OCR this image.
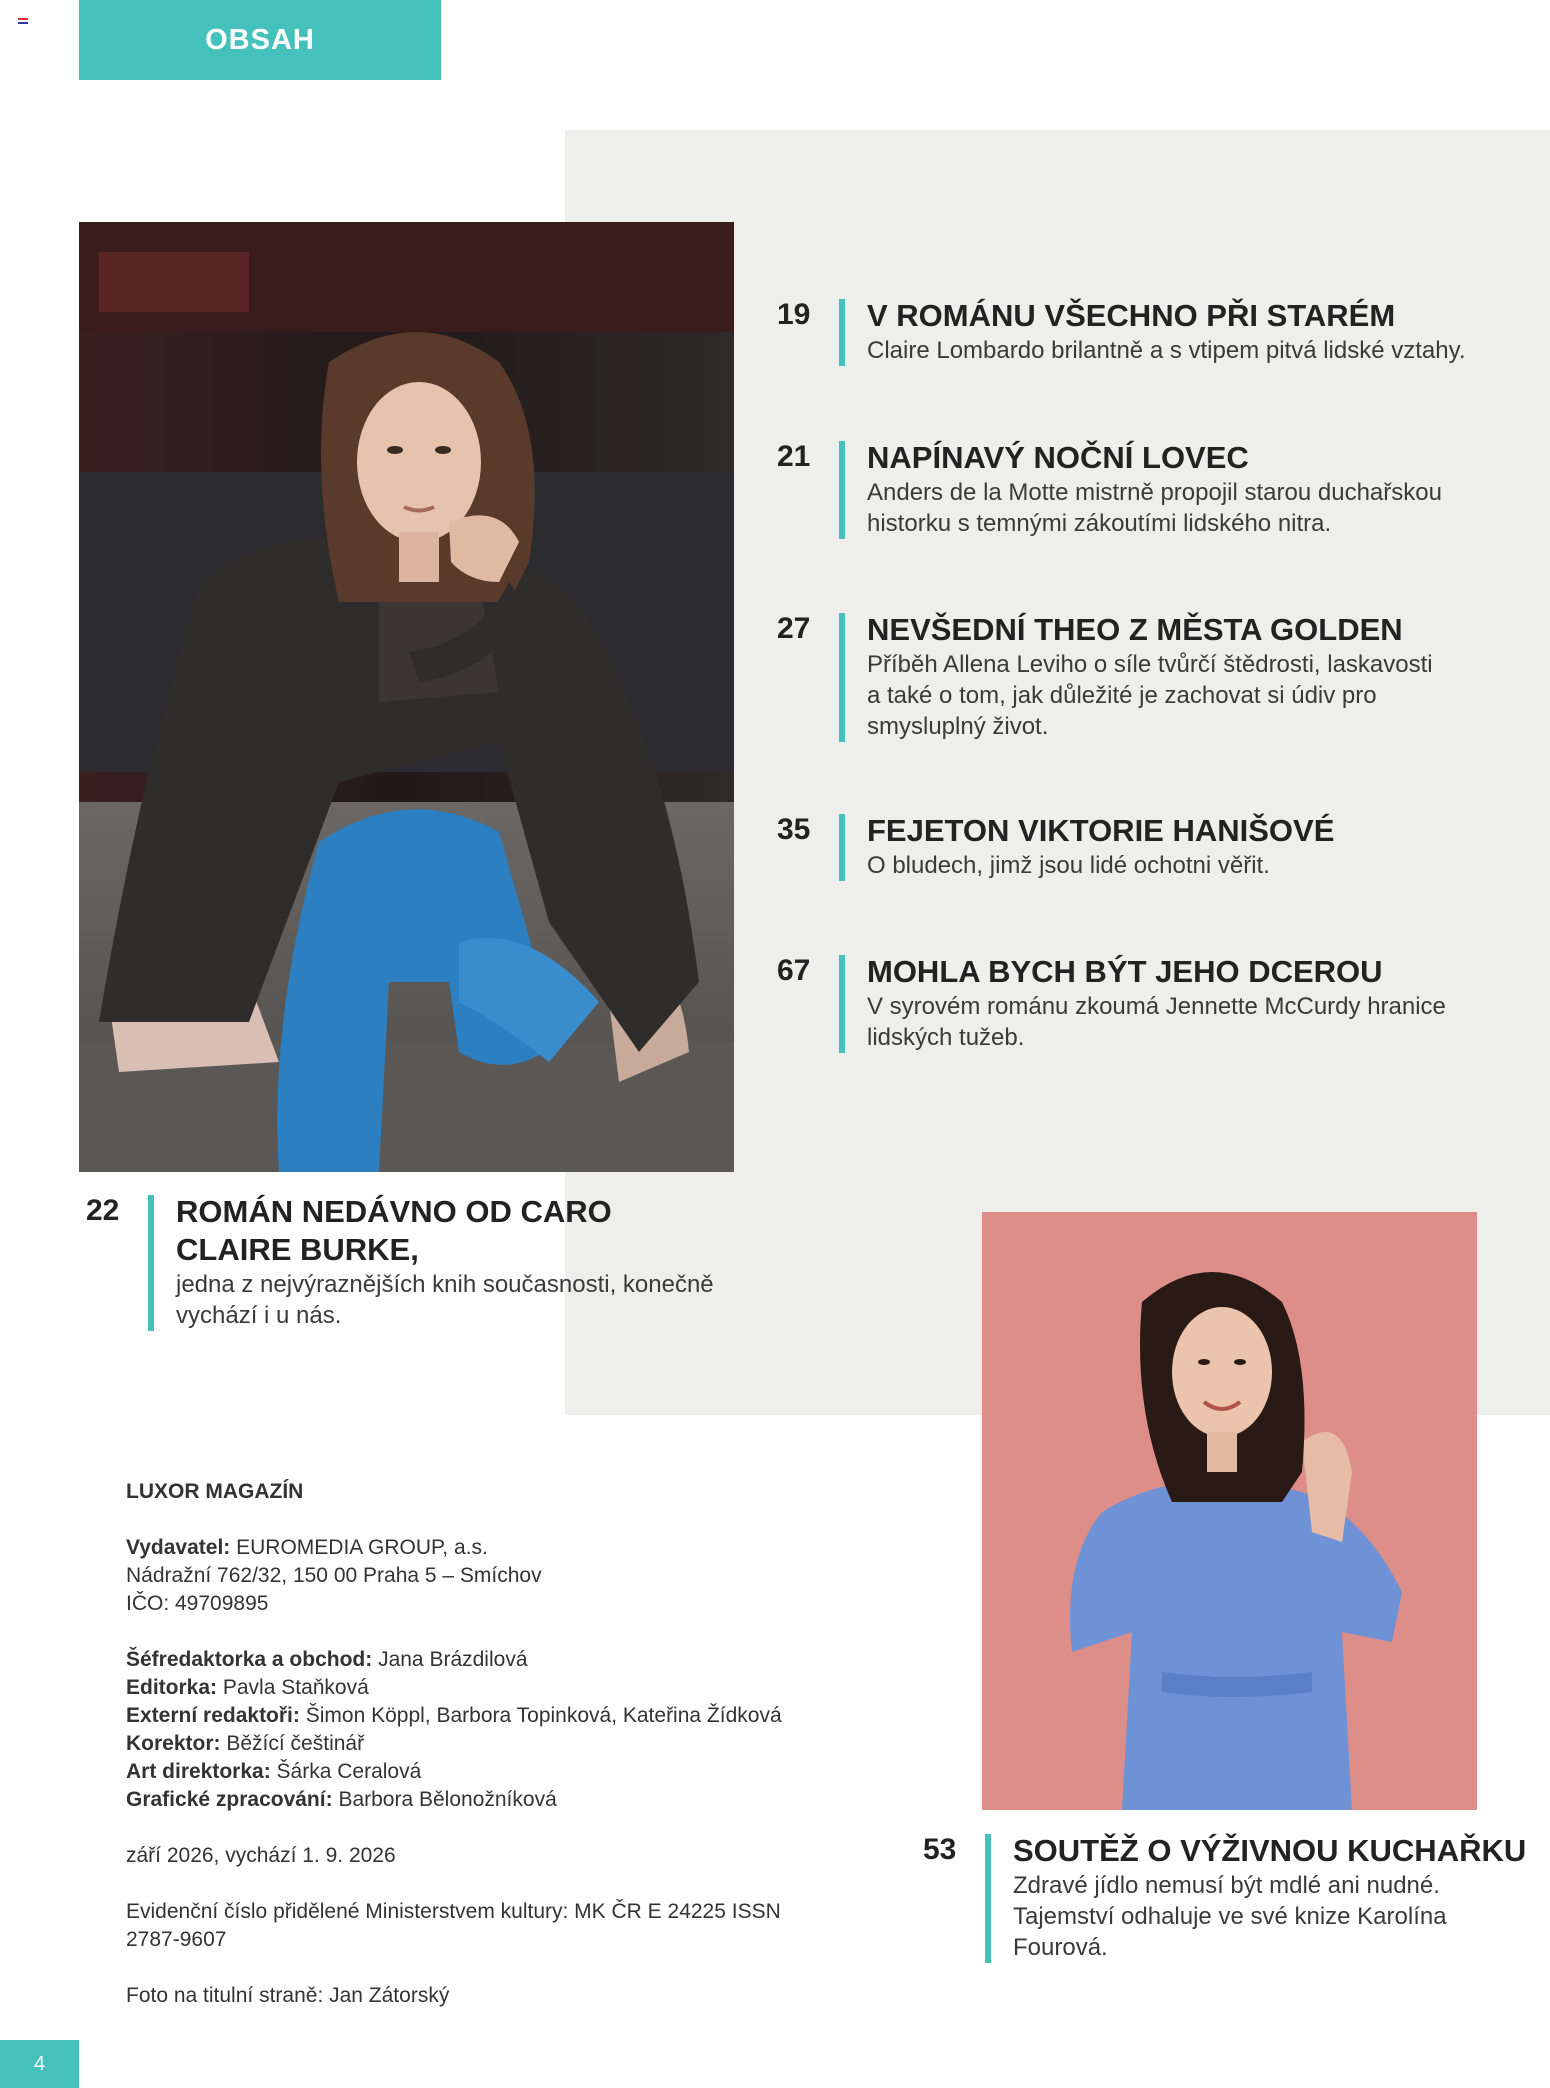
OBSAH
19	V ROMÁNU VŠECHNO PŘI STARÉM
Claire Lombardo brilantně a s vtipem pitvá lidské vztahy.
21	NAPÍNAVÝ NOČNÍ LOVEC
Anders de la Motte mistrně propojil starou duchařskou
historku s temnými zákoutími lidského nitra.
27	NEVŠEDNÍ THEO Z MĚSTA GOLDEN
Příběh Allena Leviho o síle tvůrčí štědrosti, laskavosti
a také o tom, jak důležité je zachovat si údiv pro
smysluplný život.
35	FEJETON VIKTORIE HANIŠOVÉ
O bludech, jimž jsou lidé ochotni věřit.
67	MOHLA BYCH BÝT JEHO DCEROU
V syrovém románu zkoumá Jennette McCurdy hranice
lidských tužeb.
22	ROMÁN NEDÁVNO OD CARO
CLAIRE BURKE,
jedna z nejvýraznějších knih současnosti, konečně
vychází i u nás.
53	SOUTĚŽ O VÝŽIVNOU KUCHAŘKU
Zdravé jídlo nemusí být mdlé ani nudné.
Tajemství odhaluje ve své knize Karolína
Fourová.
LUXOR MAGAZÍN
Vydavatel: EUROMEDIA GROUP, a.s.
Nádražní 762/32, 150 00 Praha 5 – Smíchov
IČO: 49709895
Šéfredaktorka a obchod: Jana Brázdilová
Editorka: Pavla Staňková
Externí redaktoři: Šimon Köppl, Barbora Topinková, Kateřina Žídková
Korektor: Běžící češtinář
Art direktorka: Šárka Ceralová
Grafické zpracování: Barbora Bělonožníková
září 2026, vychází 1. 9. 2026
Evidenční číslo přidělené Ministerstvem kultury: MK ČR E 24225 ISSN
2787-9607
Foto na titulní straně: Jan Zátorský
4
